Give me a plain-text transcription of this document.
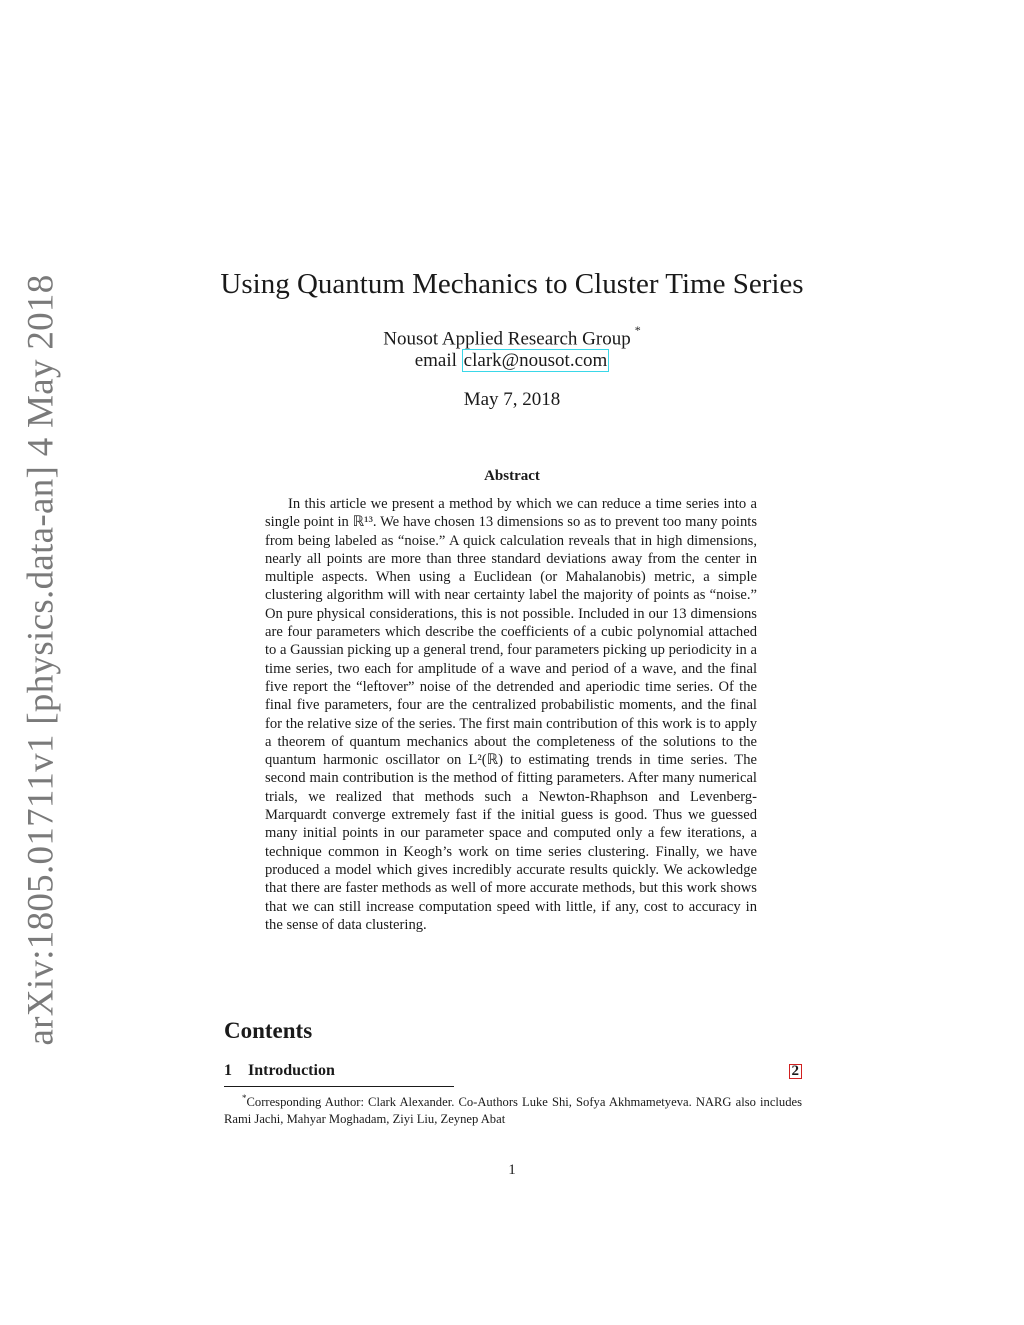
arXiv:1805.01711v1 [physics.data-an] 4 May 2018	Using Quantum Mechanics to Cluster Time Series
Nousot Applied Research Group *
email clark@nousot.com
May 7, 2018
Abstract
In this article we present a method by which we can reduce a time series into a single point in ℝ¹³. We have chosen 13 dimensions so as to prevent too many points from being labeled as “noise.” A quick calculation reveals that in high dimensions, nearly all points are more than three standard deviations away from the center in multiple aspects. When using a Euclidean (or Mahalanobis) metric, a simple clustering algorithm will with near certainty label the majority of points as “noise.” On pure physical considerations, this is not possible. Included in our 13 dimensions are four parameters which describe the coefficients of a cubic polynomial attached to a Gaussian picking up a general trend, four parameters picking up periodicity in a time series, two each for amplitude of a wave and period of a wave, and the final five report the “leftover” noise of the detrended and aperiodic time series. Of the final five parameters, four are the centralized probabilistic moments, and the final for the relative size of the series. The first main contribution of this work is to apply a theorem of quantum mechanics about the completeness of the solutions to the quantum harmonic oscillator on L²(ℝ) to estimating trends in time series. The second main contribution is the method of fitting parameters. After many numerical trials, we realized that methods such a Newton-Rhaphson and Levenberg-Marquardt converge extremely fast if the initial guess is good. Thus we guessed many initial points in our parameter space and computed only a few iterations, a technique common in Keogh’s work on time series clustering. Finally, we have produced a model which gives incredibly accurate results quickly. We ackowledge that there are faster methods as well of more accurate methods, but this work shows that we can still increase computation speed with little, if any, cost to accuracy in the sense of data clustering.
Contents
1 Introduction	2
*Corresponding Author: Clark Alexander. Co-Authors Luke Shi, Sofya Akhmametyeva. NARG also includes Rami Jachi, Mahyar Moghadam, Ziyi Liu, Zeynep Abat
1
